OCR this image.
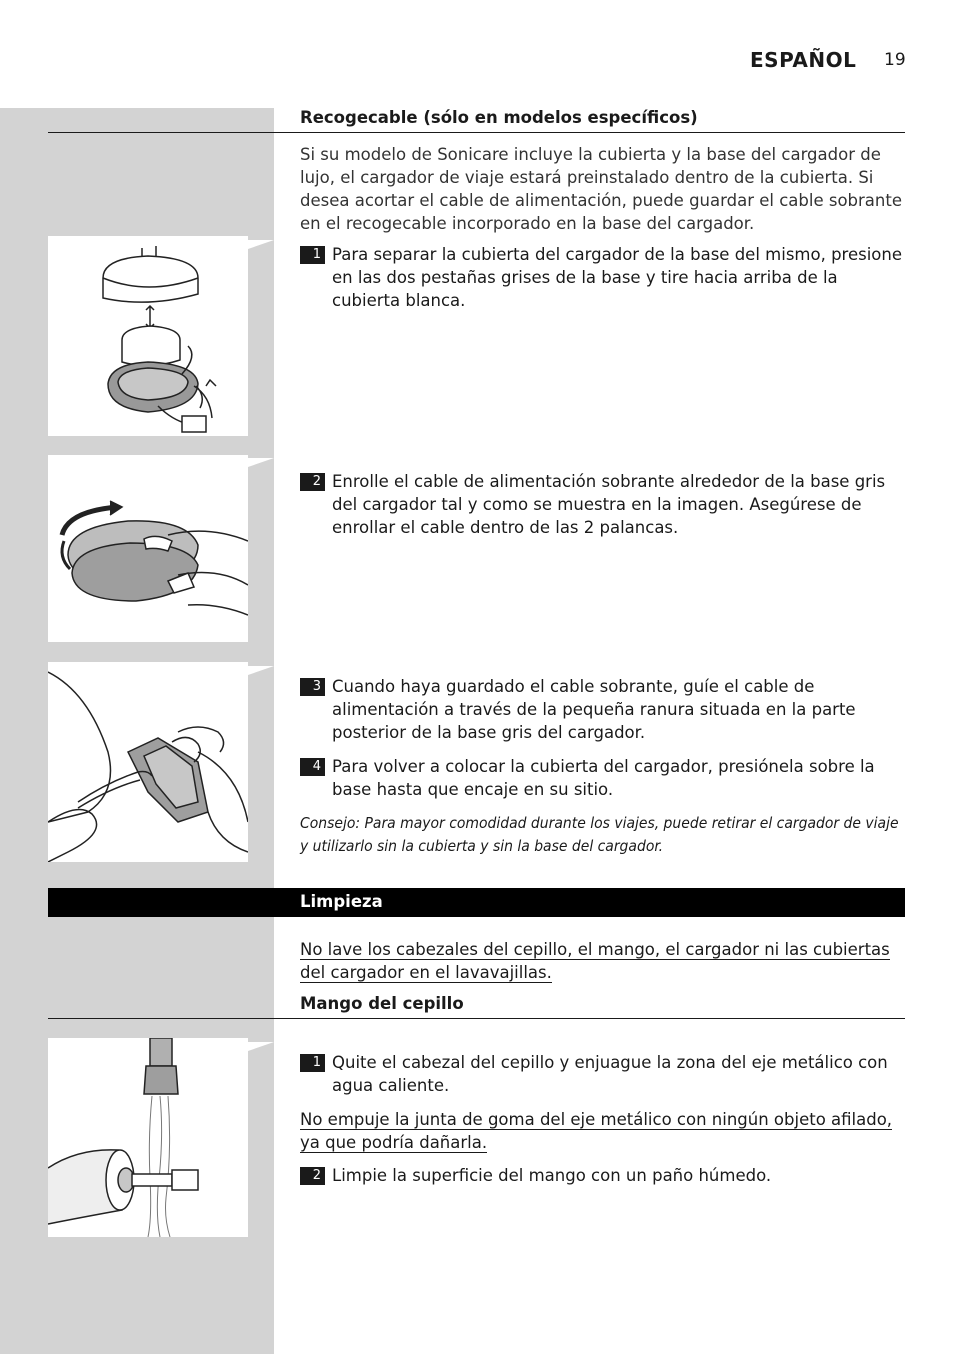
ESPAÑOL 19
Recogecable (sólo en modelos específicos)

Si su modelo de Sonicare incluye la cubierta y la base del cargador de lujo, el cargador de viaje estará preinstalado dentro de la cubierta. Si desea acortar el cable de alimentación, puede guardar el cable sobrante en el recogecable incorporado en la base del cargador.

1 Para separar la cubierta del cargador de la base del mismo, presione en las dos pestañas grises de la base y tire hacia arriba de la cubierta blanca.
2 Enrolle el cable de alimentación sobrante alrededor de la base gris del cargador tal y como se muestra en la imagen. Asegúrese de enrollar el cable dentro de las 2 palancas.
3 Cuando haya guardado el cable sobrante, guíe el cable de alimentación a través de la pequeña ranura situada en la parte posterior de la base gris del cargador.
4 Para volver a colocar la cubierta del cargador, presiónela sobre la base hasta que encaje en su sitio.
Consejo: Para mayor comodidad durante los viajes, puede retirar el cargador de viaje y utilizarlo sin la cubierta y sin la base del cargador.
Limpieza
No lave los cabezales del cepillo, el mango, el cargador ni las cubiertas del cargador en el lavavajillas.
Mango del cepillo
1 Quite el cabezal del cepillo y enjuague la zona del eje metálico con agua caliente.
No empuje la junta de goma del eje metálico con ningún objeto afilado, ya que podría dañarla.
2 Limpie la superficie del mango con un paño húmedo.
